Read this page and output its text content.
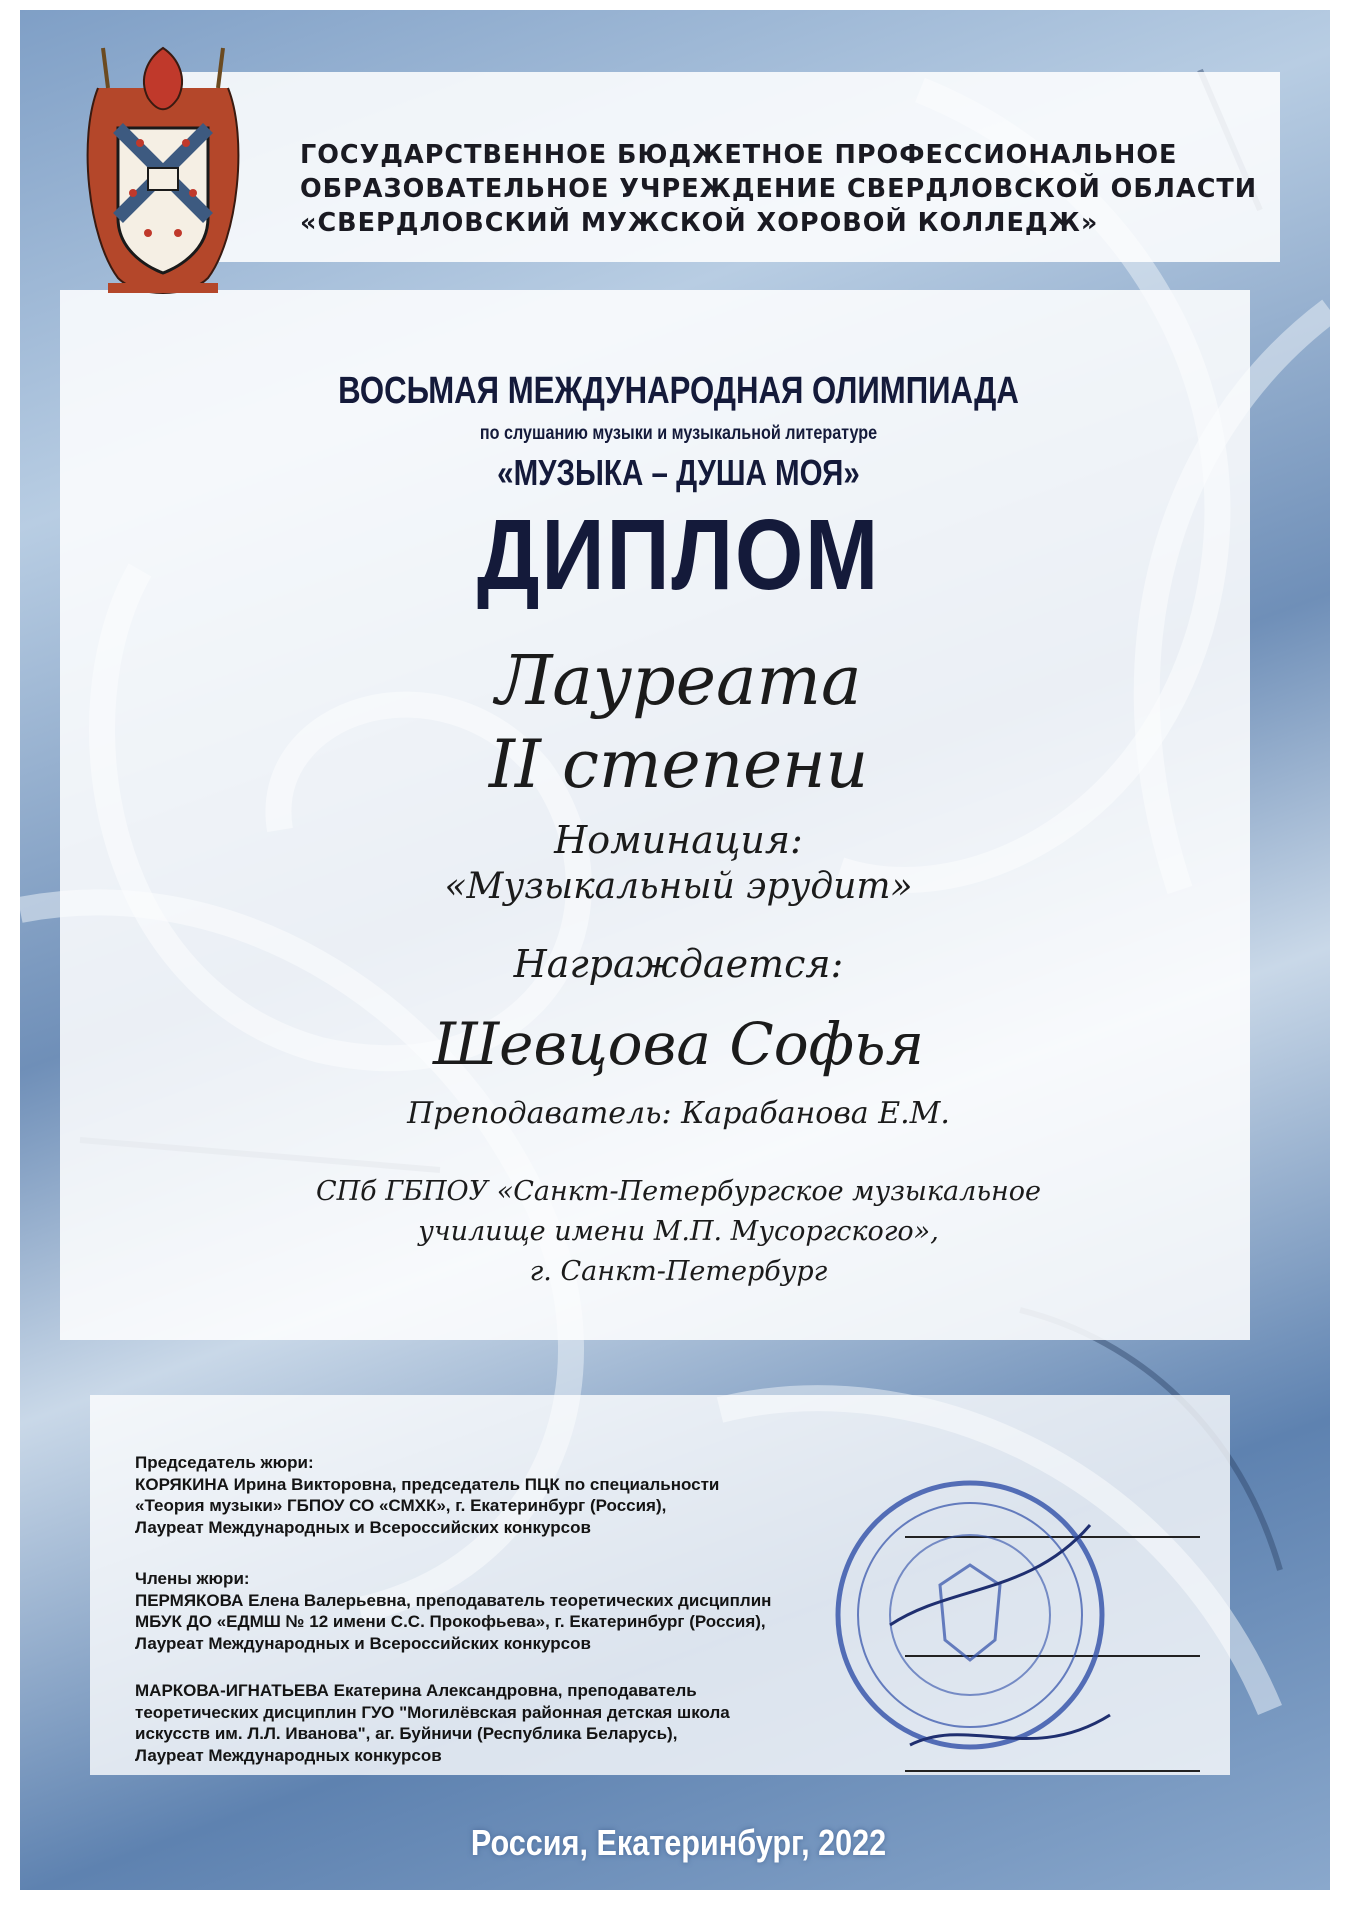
ГОСУДАРСТВЕННОЕ БЮДЖЕТНОЕ ПРОФЕССИОНАЛЬНОЕ
ОБРАЗОВАТЕЛЬНОЕ УЧРЕЖДЕНИЕ СВЕРДЛОВСКОЙ ОБЛАСТИ
«СВЕРДЛОВСКИЙ МУЖСКОЙ ХОРОВОЙ КОЛЛЕДЖ»
ВОСЬМАЯ МЕЖДУНАРОДНАЯ ОЛИМПИАДА
по слушанию музыки и музыкальной литературе
«МУЗЫКА – ДУША МОЯ»
ДИПЛОМ
Лауреата
II степени
Номинация:
«Музыкальный эрудит»
Награждается:
Шевцова Софья
Преподаватель: Карабанова Е.М.
СПб ГБПОУ «Санкт-Петербургское музыкальное
училище имени М.П. Мусоргского»,
г. Санкт-Петербург
Председатель жюри:
КОРЯКИНА Ирина Викторовна, председатель ПЦК по специальности
«Теория музыки» ГБПОУ СО «СМХК», г. Екатеринбург (Россия),
Лауреат Международных и Всероссийских конкурсов
Члены жюри:
ПЕРМЯКОВА Елена Валерьевна, преподаватель теоретических дисциплин
МБУК ДО «ЕДМШ № 12 имени С.С. Прокофьева», г. Екатеринбург (Россия),
Лауреат Международных и Всероссийских конкурсов
МАРКОВА-ИГНАТЬЕВА Екатерина Александровна, преподаватель
теоретических дисциплин ГУО "Могилёвская районная детская школа
искусств им. Л.Л. Иванова", аг. Буйничи (Республика Беларусь),
Лауреат Международных конкурсов
Россия, Екатеринбург, 2022
